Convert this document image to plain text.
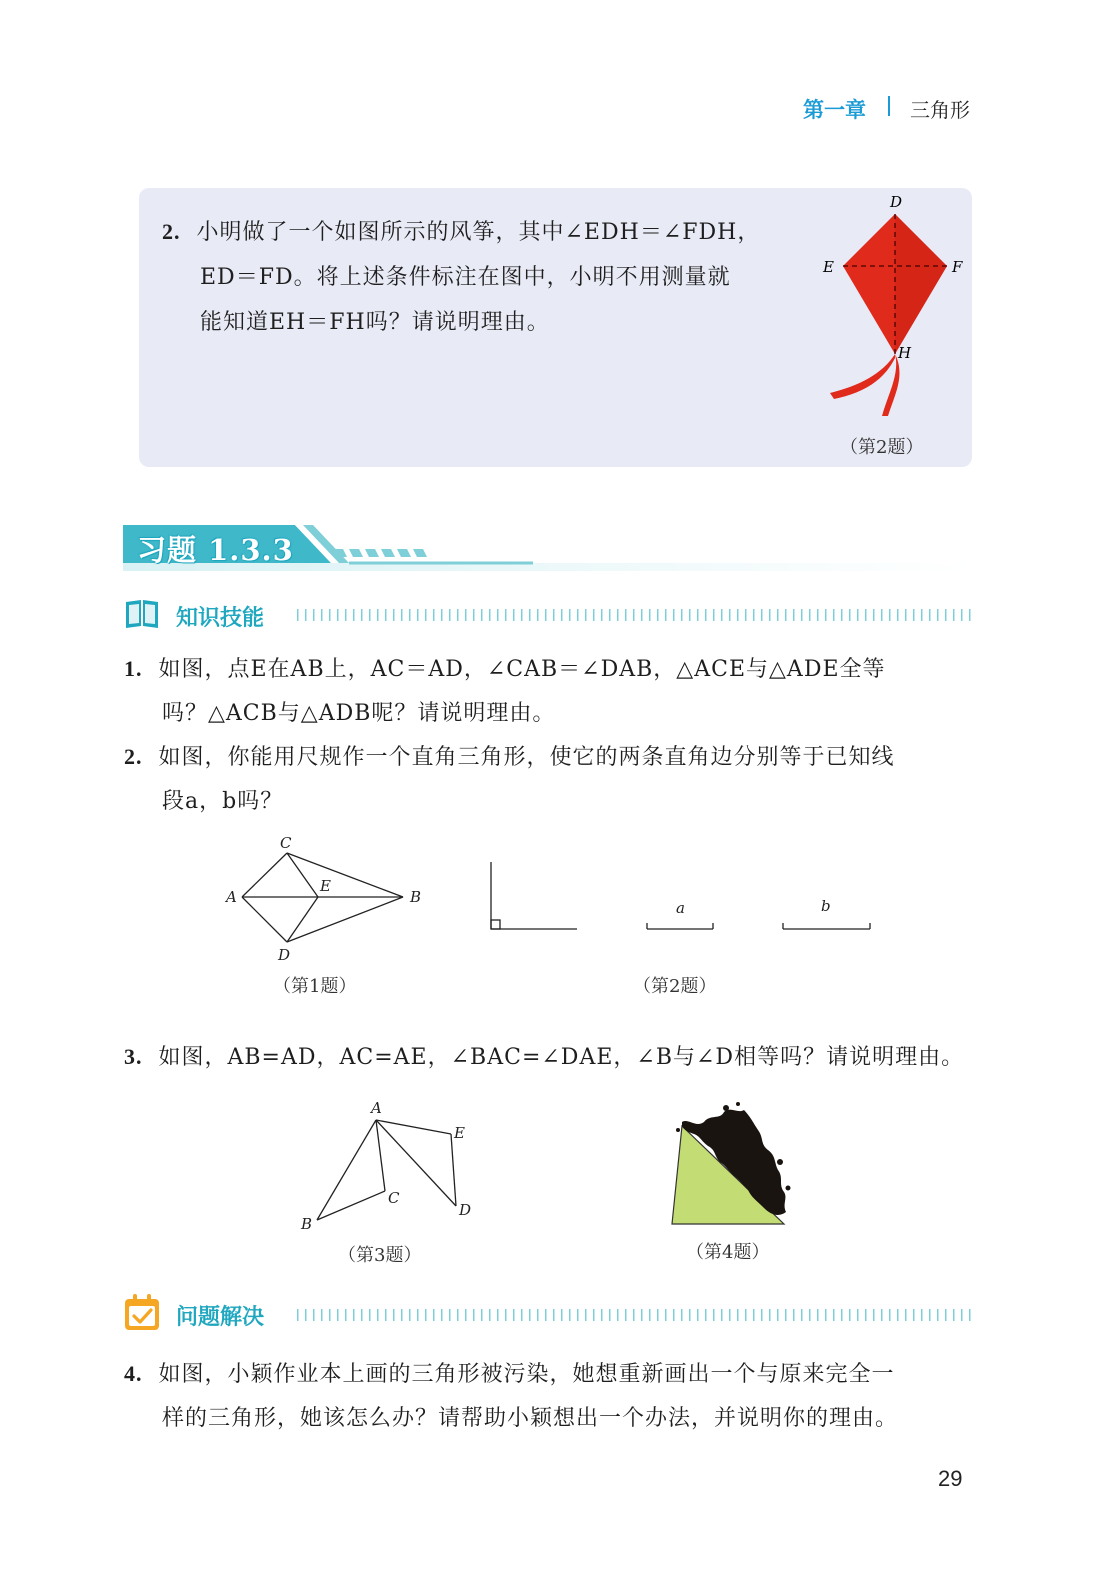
第一章 三角形
2. 小明做了一个如图所示的风筝，其中∠EDH＝∠FDH，
ED＝FD。将上述条件标注在图中，小明不用测量就
能知道EH＝FH吗？请说明理由。
D
E	F
H
（第2题）
习题 1.3.3
知识技能
1. 如图，点E在AB上，AC＝AD，∠CAB＝∠DAB，△ACE与△ADE全等
吗？△ACB与△ADB呢？请说明理由。
2. 如图，你能用尺规作一个直角三角形，使它的两条直角边分别等于已知线
段a，b吗？
C
A
E
B
D
（第1题）
a	b
（第2题）
3. 如图，AB=AD，AC=AE，∠BAC=∠DAE，∠B与∠D相等吗？请说明理由。
A
E
C
B
D
（第3题）	（第4题）
问题解决
4. 如图，小颖作业本上画的三角形被污染，她想重新画出一个与原来完全一
样的三角形，她该怎么办？请帮助小颖想出一个办法，并说明你的理由。
29
